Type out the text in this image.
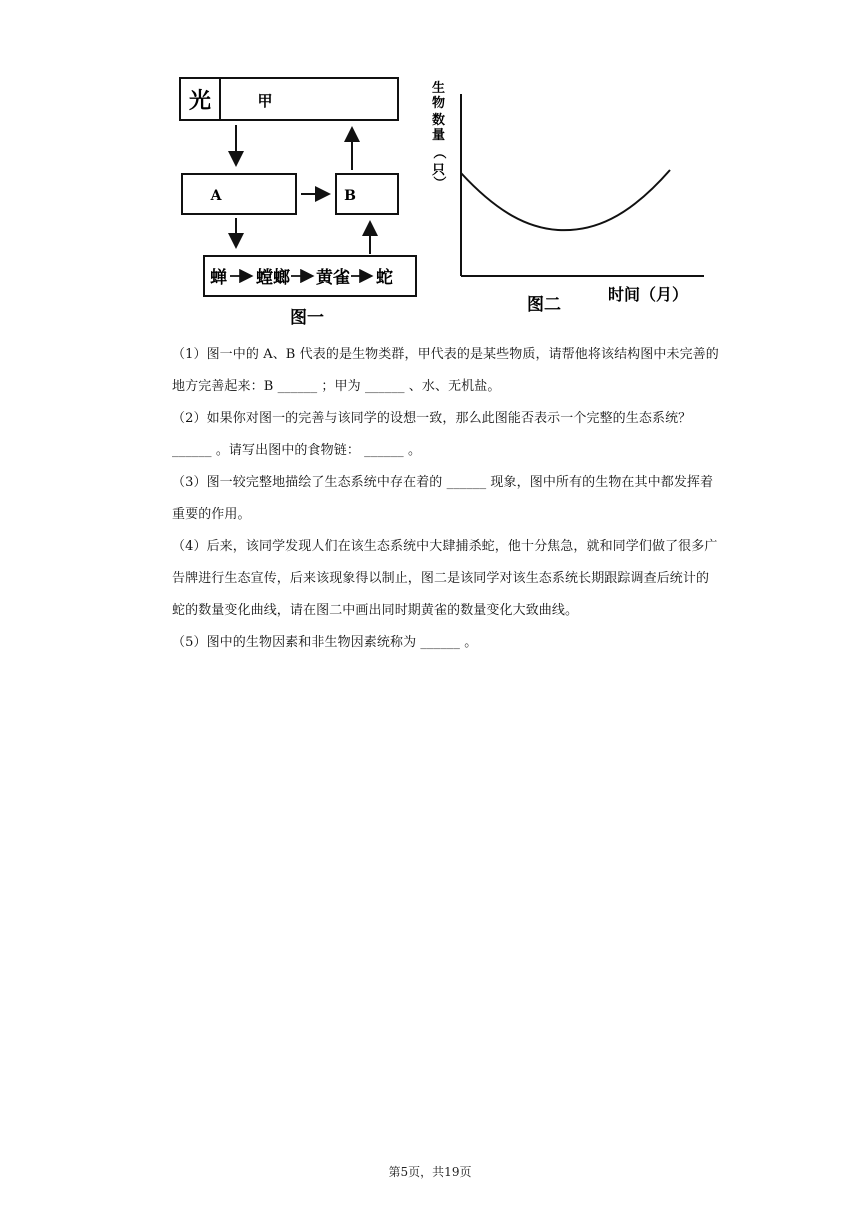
光	甲
A	B
蝉 螳螂 黄雀 蛇
图一
生
物
数
量
（
只
）
图二
时间（月）

（1）图一中的 A、B 代表的是生物类群，甲代表的是某些物质，请帮他将该结构图中未完善的地方完善起来：B ______ ；甲为 ______ 、水、无机盐。

（2）如果你对图一的完善与该同学的设想一致，那么此图能否表示一个完整的生态系统？ ______ 。请写出图中的食物链： ______ 。

（3）图一较完整地描绘了生态系统中存在着的 ______ 现象，图中所有的生物在其中都发挥着重要的作用。

（4）后来，该同学发现人们在该生态系统中大肆捕杀蛇，他十分焦急，就和同学们做了很多广告牌进行生态宣传，后来该现象得以制止，图二是该同学对该生态系统长期跟踪调查后统计的蛇的数量变化曲线，请在图二中画出同时期黄雀的数量变化大致曲线。

（5）图中的生物因素和非生物因素统称为 ______ 。

第5页，共19页
